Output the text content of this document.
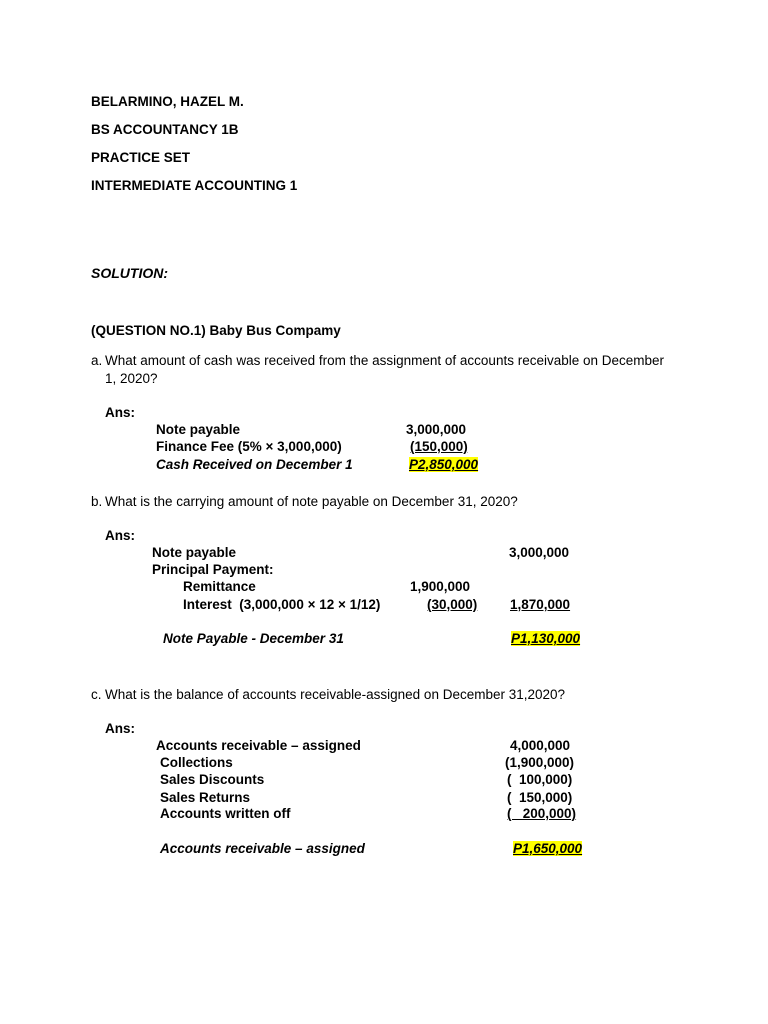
BELARMINO, HAZEL M.
BS ACCOUNTANCY 1B
PRACTICE SET
INTERMEDIATE ACCOUNTING 1
SOLUTION:
(QUESTION NO.1) Baby Bus Compamy
a. What amount of cash was received from the assignment of accounts receivable on December
1, 2020?
Ans:
Note payable	3,000,000
Finance Fee (5% × 3,000,000)	(150,000)
Cash Received on December 1	P2,850,000
b. What is the carrying amount of note payable on December 31, 2020?
Ans:
Note payable	3,000,000
Principal Payment:
Remittance	1,900,000
Interest  (3,000,000 × 12 × 1/12)	(30,000) 1,870,000
Note Payable - December 31	P1,130,000
c. What is the balance of accounts receivable-assigned on December 31,2020?
Ans:
Accounts receivable – assigned	4,000,000
Collections	(1,900,000)
Sales Discounts	(  100,000)
Sales Returns	(  150,000)
Accounts written off	(   200,000)
Accounts receivable – assigned	P1,650,000
